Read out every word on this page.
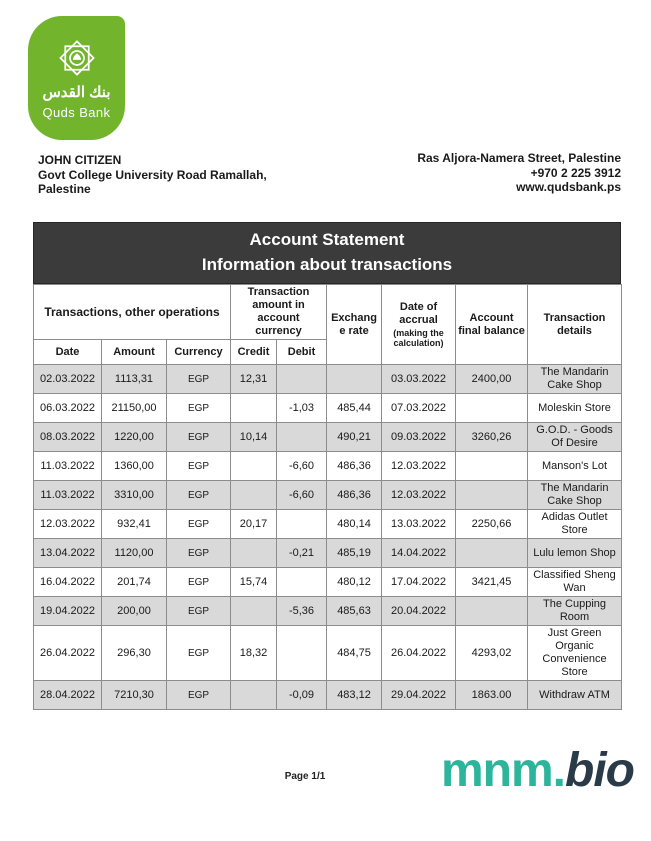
بنك القدس
Quds Bank
JOHN CITIZEN
Govt College University Road Ramallah,
Palestine
Ras Aljora-Namera Street, Palestine
+970 2 225 3912
www.qudsbank.ps
Account Statement
Information about transactions
Transactions, other operations			Transaction amount in account currency		Exchange rate	Date of accrual
(making the calculation)	Account final balance	Transaction details
Date	Amount	Currency	Credit	Debit				
02.03.2022	1113,31	EGP	12,31			03.03.2022	2400,00	The Mandarin Cake Shop
06.03.2022	21150,00	EGP		-1,03	485,44	07.03.2022		Moleskin Store
08.03.2022	1220,00	EGP	10,14		490,21	09.03.2022	3260,26	G.O.D. - Goods Of Desire
11.03.2022	1360,00	EGP		-6,60	486,36	12.03.2022		Manson's Lot
11.03.2022	3310,00	EGP		-6,60	486,36	12.03.2022		The Mandarin Cake Shop
12.03.2022	932,41	EGP	20,17		480,14	13.03.2022	2250,66	Adidas Outlet Store
13.04.2022	1120,00	EGP		-0,21	485,19	14.04.2022		Lulu lemon Shop
16.04.2022	201,74	EGP	15,74		480,12	17.04.2022	3421,45	Classified Sheng Wan
19.04.2022	200,00	EGP		-5,36	485,63	20.04.2022		The Cupping Room
26.04.2022	296,30	EGP	18,32		484,75	26.04.2022	4293,02	Just Green Organic Convenience Store
28.04.2022	7210,30	EGP		-0,09	483,12	29.04.2022	1863.00	Withdraw ATM
Page 1/1	mnm.bio
